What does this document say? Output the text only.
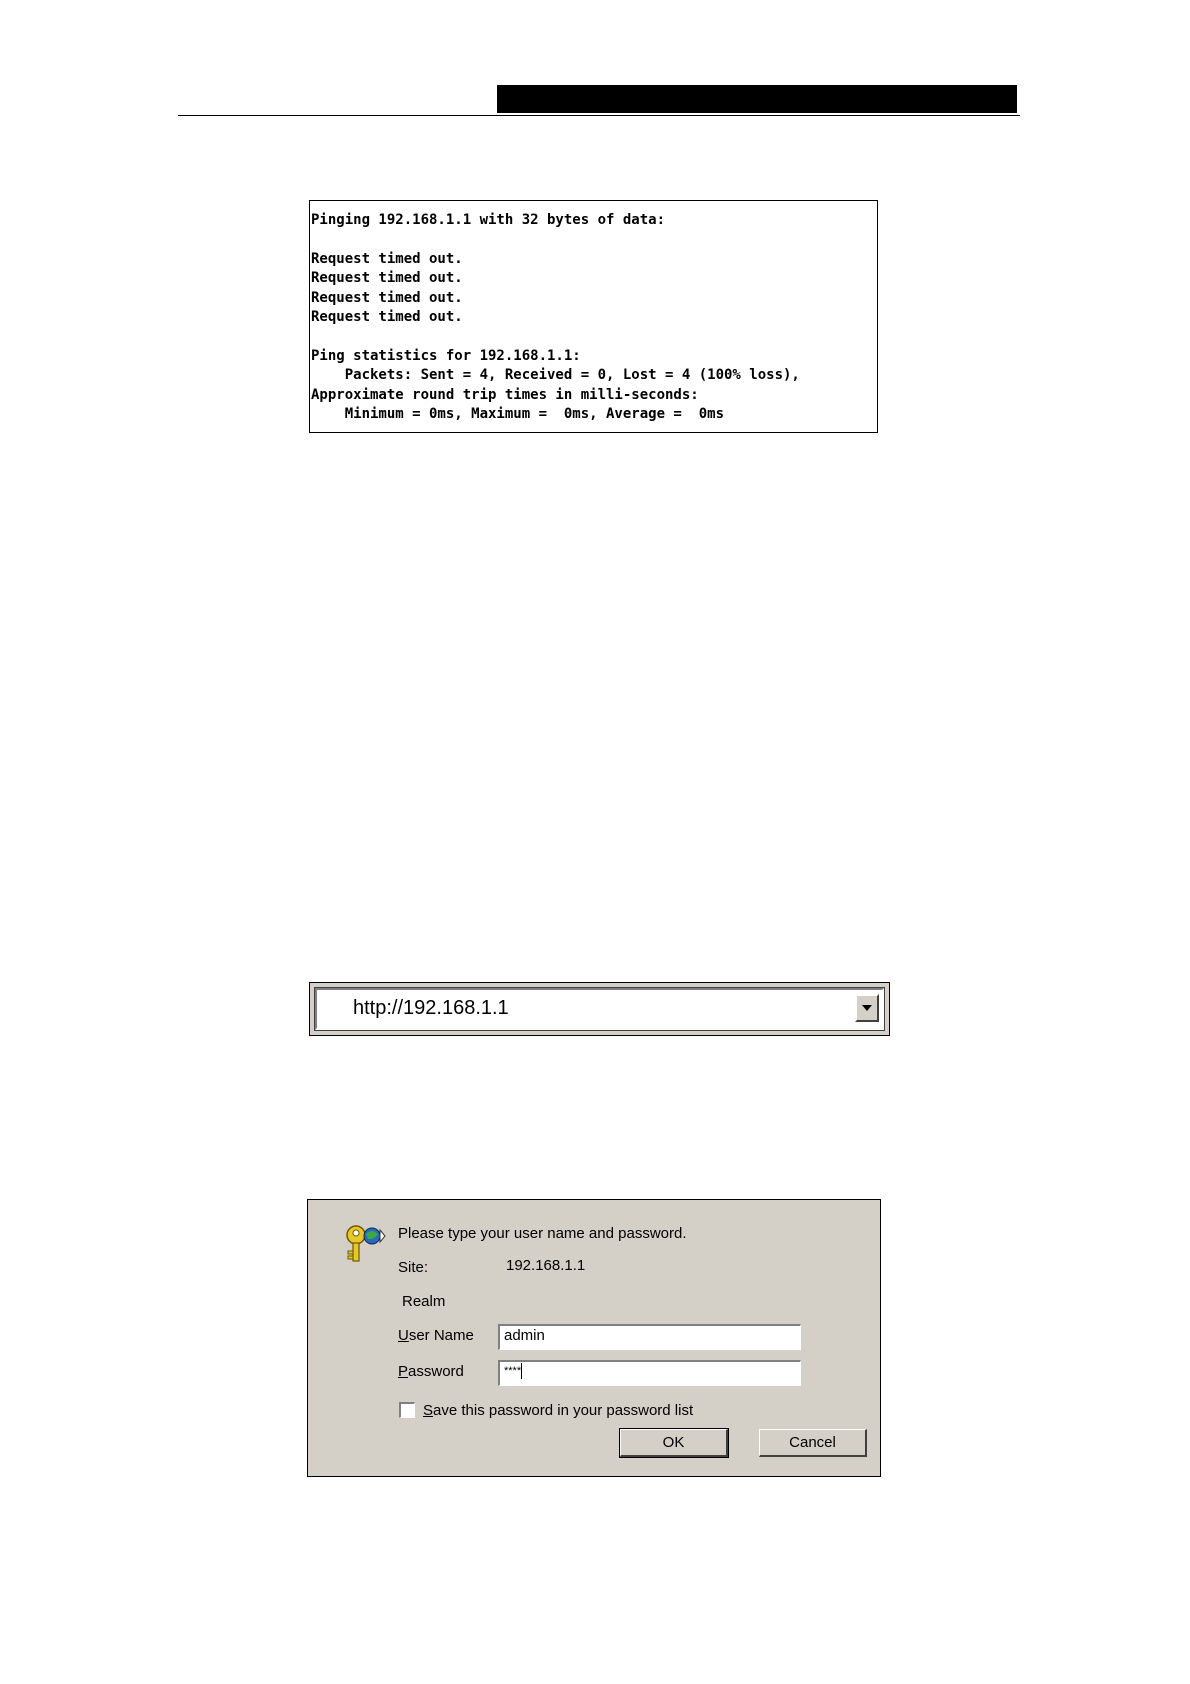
Pinging 192.168.1.1 with 32 bytes of data:
Request timed out.
Request timed out.
Request timed out.
Request timed out.
Ping statistics for 192.168.1.1:
Packets: Sent = 4, Received = 0, Lost = 4 (100% loss),
Approximate round trip times in milli-seconds:
Minimum = 0ms, Maximum =  0ms, Average =  0ms
http://192.168.1.1
Please type your user name and password.
Site:	192.168.1.1
Realm
User Name	admin
Password	****
Save this password in your password list
OK	Cancel
